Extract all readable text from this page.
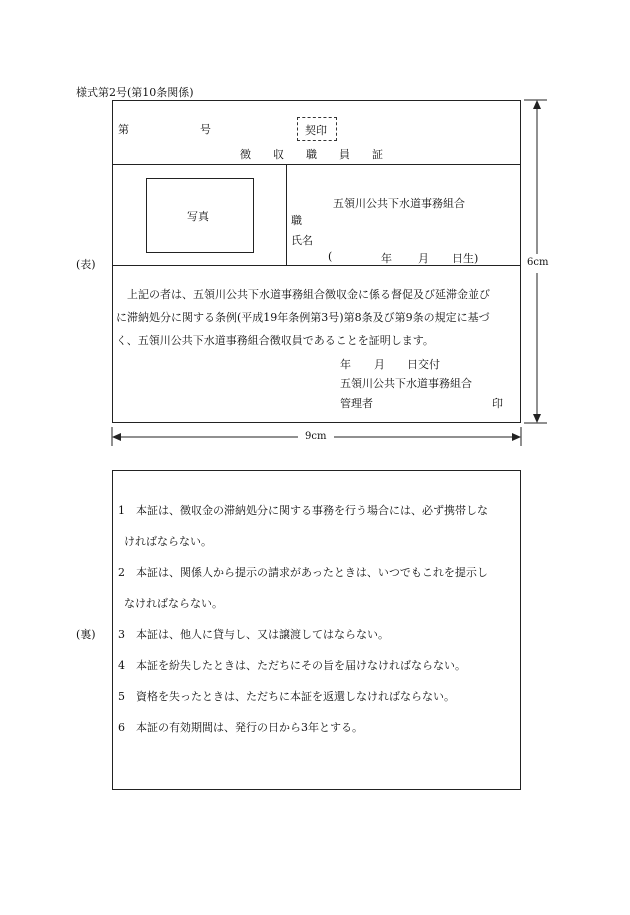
様式第2号(第10条関係)
第	号	契印
徴収職員証
写真
五領川公共下水道事務組合
職
氏名
(	年 月 日生)
上記の者は、五領川公共下水道事務組合徴収金に係る督促及び延滞金並び
に滞納処分に関する条例(平成19年条例第3号)第8条及び第9条の規定に基づ
く、五領川公共下水道事務組合徴収員であることを証明します。
年 月 日交付
五領川公共下水道事務組合
管理者	印
(表)	6cm
9cm
(裏)
1　本証は、徴収金の滞納処分に関する事務を行う場合には、必ず携帯しな
ければならない。
2　本証は、関係人から提示の請求があったときは、いつでもこれを提示し
なければならない。
3　本証は、他人に貸与し、又は譲渡してはならない。
4　本証を紛失したときは、ただちにその旨を届けなければならない。
5　資格を失ったときは、ただちに本証を返還しなければならない。
6　本証の有効期間は、発行の日から3年とする。
